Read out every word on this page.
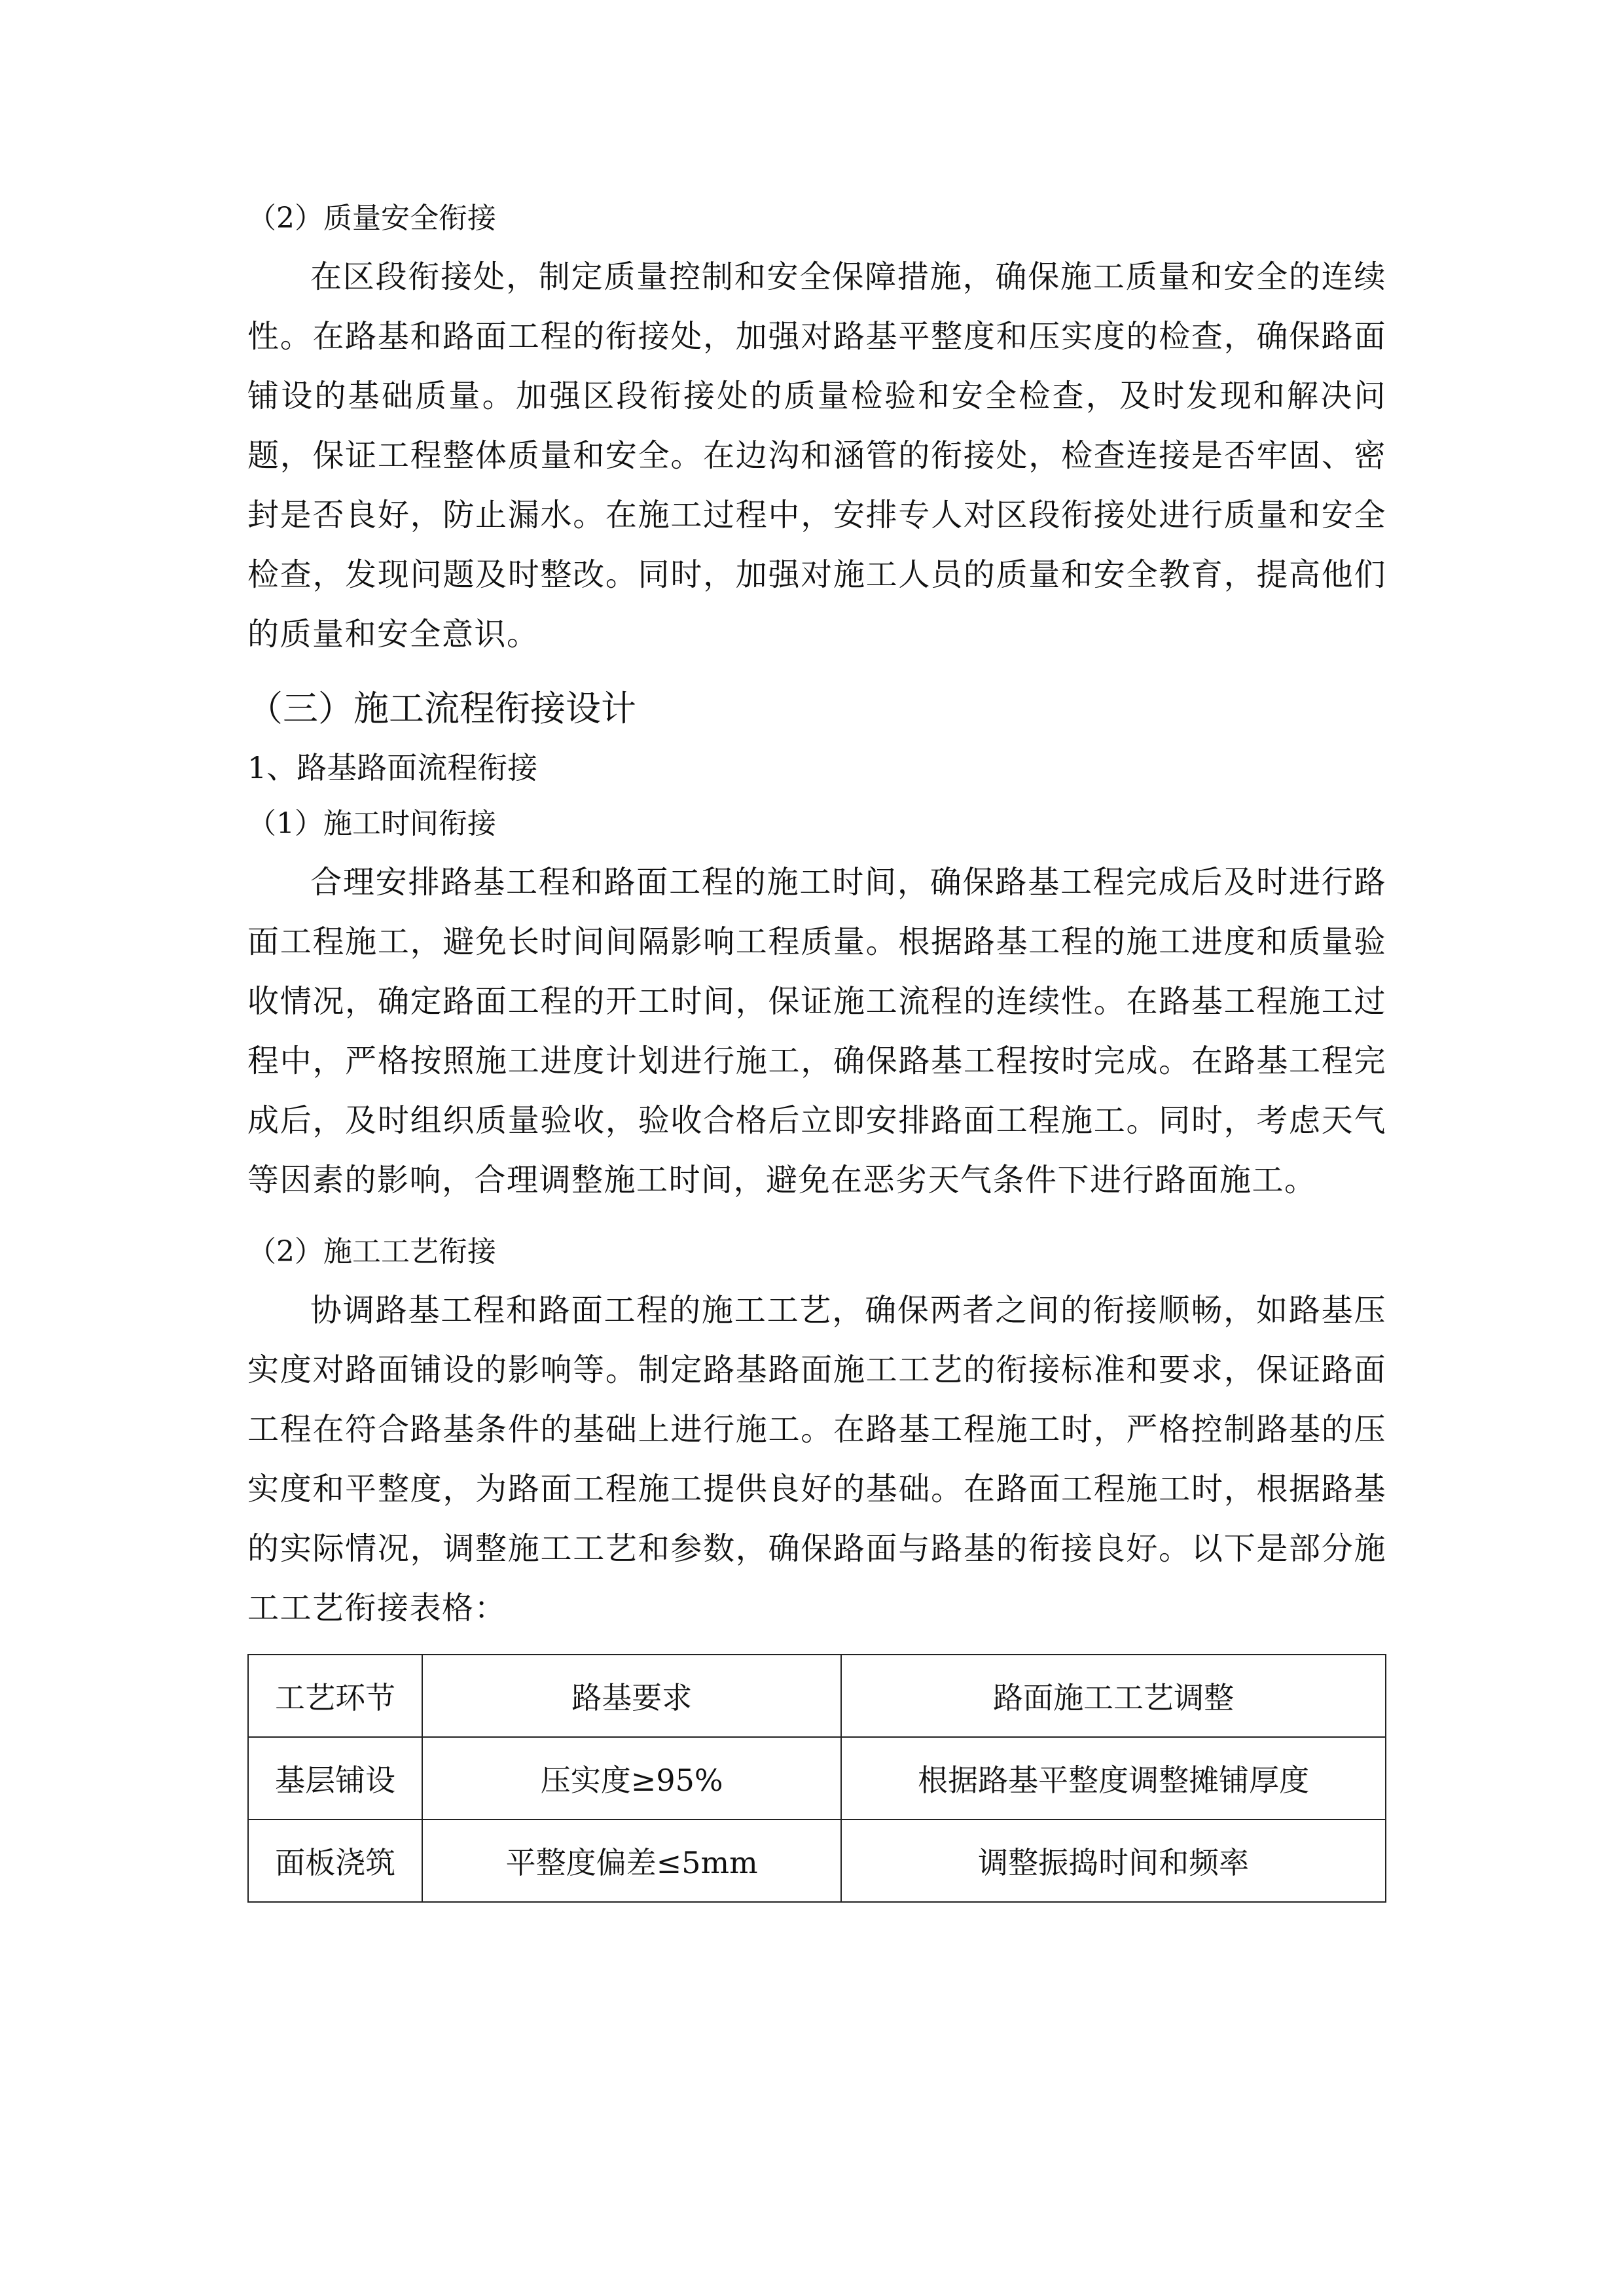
（2）质量安全衔接

在区段衔接处，制定质量控制和安全保障措施，确保施工质量和安全的连续性。在路基和路面工程的衔接处，加强对路基平整度和压实度的检查，确保路面铺设的基础质量。加强区段衔接处的质量检验和安全检查，及时发现和解决问题，保证工程整体质量和安全。在边沟和涵管的衔接处，检查连接是否牢固、密封是否良好，防止漏水。在施工过程中，安排专人对区段衔接处进行质量和安全检查，发现问题及时整改。同时，加强对施工人员的质量和安全教育，提高他们的质量和安全意识。

（三）施工流程衔接设计

1、路基路面流程衔接

（1）施工时间衔接

合理安排路基工程和路面工程的施工时间，确保路基工程完成后及时进行路面工程施工，避免长时间间隔影响工程质量。根据路基工程的施工进度和质量验收情况，确定路面工程的开工时间，保证施工流程的连续性。在路基工程施工过程中，严格按照施工进度计划进行施工，确保路基工程按时完成。在路基工程完成后，及时组织质量验收，验收合格后立即安排路面工程施工。同时，考虑天气等因素的影响，合理调整施工时间，避免在恶劣天气条件下进行路面施工。

（2）施工工艺衔接

协调路基工程和路面工程的施工工艺，确保两者之间的衔接顺畅，如路基压实度对路面铺设的影响等。制定路基路面施工工艺的衔接标准和要求，保证路面工程在符合路基条件的基础上进行施工。在路基工程施工时，严格控制路基的压实度和平整度，为路面工程施工提供良好的基础。在路面工程施工时，根据路基的实际情况，调整施工工艺和参数，确保路面与路基的衔接良好。以下是部分施工工艺衔接表格：

工艺环节	路基要求	路面施工工艺调整
基层铺设	压实度≥95%	根据路基平整度调整摊铺厚度
面板浇筑	平整度偏差≤5mm	调整振捣时间和频率
